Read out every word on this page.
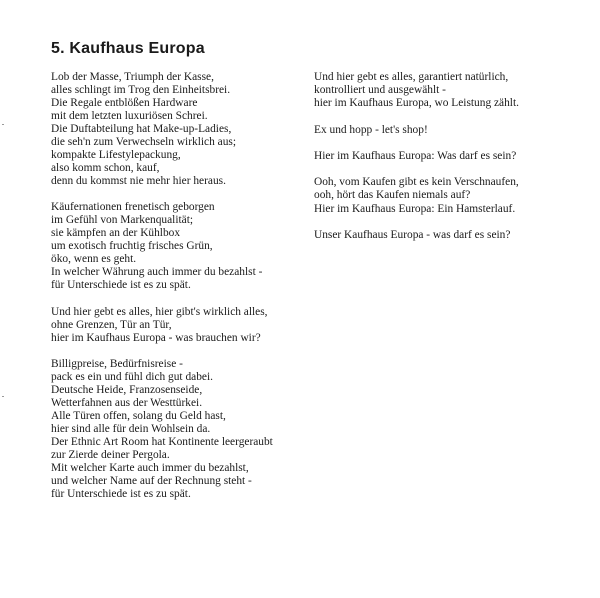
5. Kaufhaus Europa
Lob der Masse, Triumph der Kasse,
alles schlingt im Trog den Einheitsbrei.
Die Regale entblößen Hardware
mit dem letzten luxuriösen Schrei.
Die Duftabteilung hat Make-up-Ladies,
die seh'n zum Verwechseln wirklich aus;
kompakte Lifestylepackung,
also komm schon, kauf,
denn du kommst nie mehr hier heraus.
Käufernationen frenetisch geborgen
im Gefühl von Markenqualität;
sie kämpfen an der Kühlbox
um exotisch fruchtig frisches Grün,
öko, wenn es geht.
In welcher Währung auch immer du bezahlst -
für Unterschiede ist es zu spät.
Und hier gebt es alles, hier gibt's wirklich alles,
ohne Grenzen, Tür an Tür,
hier im Kaufhaus Europa - was brauchen wir?
Billigpreise, Bedürfnisreise -
pack es ein und fühl dich gut dabei.
Deutsche Heide, Franzosenseide,
Wetterfahnen aus der Westtürkei.
Alle Türen offen, solang du Geld hast,
hier sind alle für dein Wohlsein da.
Der Ethnic Art Room hat Kontinente leergeraubt
zur Zierde deiner Pergola.
Mit welcher Karte auch immer du bezahlst,
und welcher Name auf der Rechnung steht -
für Unterschiede ist es zu spät.
Und hier gebt es alles, garantiert natürlich,
kontrolliert und ausgewählt -
hier im Kaufhaus Europa, wo Leistung zählt.
Ex und hopp - let's shop!
Hier im Kaufhaus Europa: Was darf es sein?
Ooh, vom Kaufen gibt es kein Verschnaufen,
ooh, hört das Kaufen niemals auf?
Hier im Kaufhaus Europa: Ein Hamsterlauf.
Unser Kaufhaus Europa - was darf es sein?
